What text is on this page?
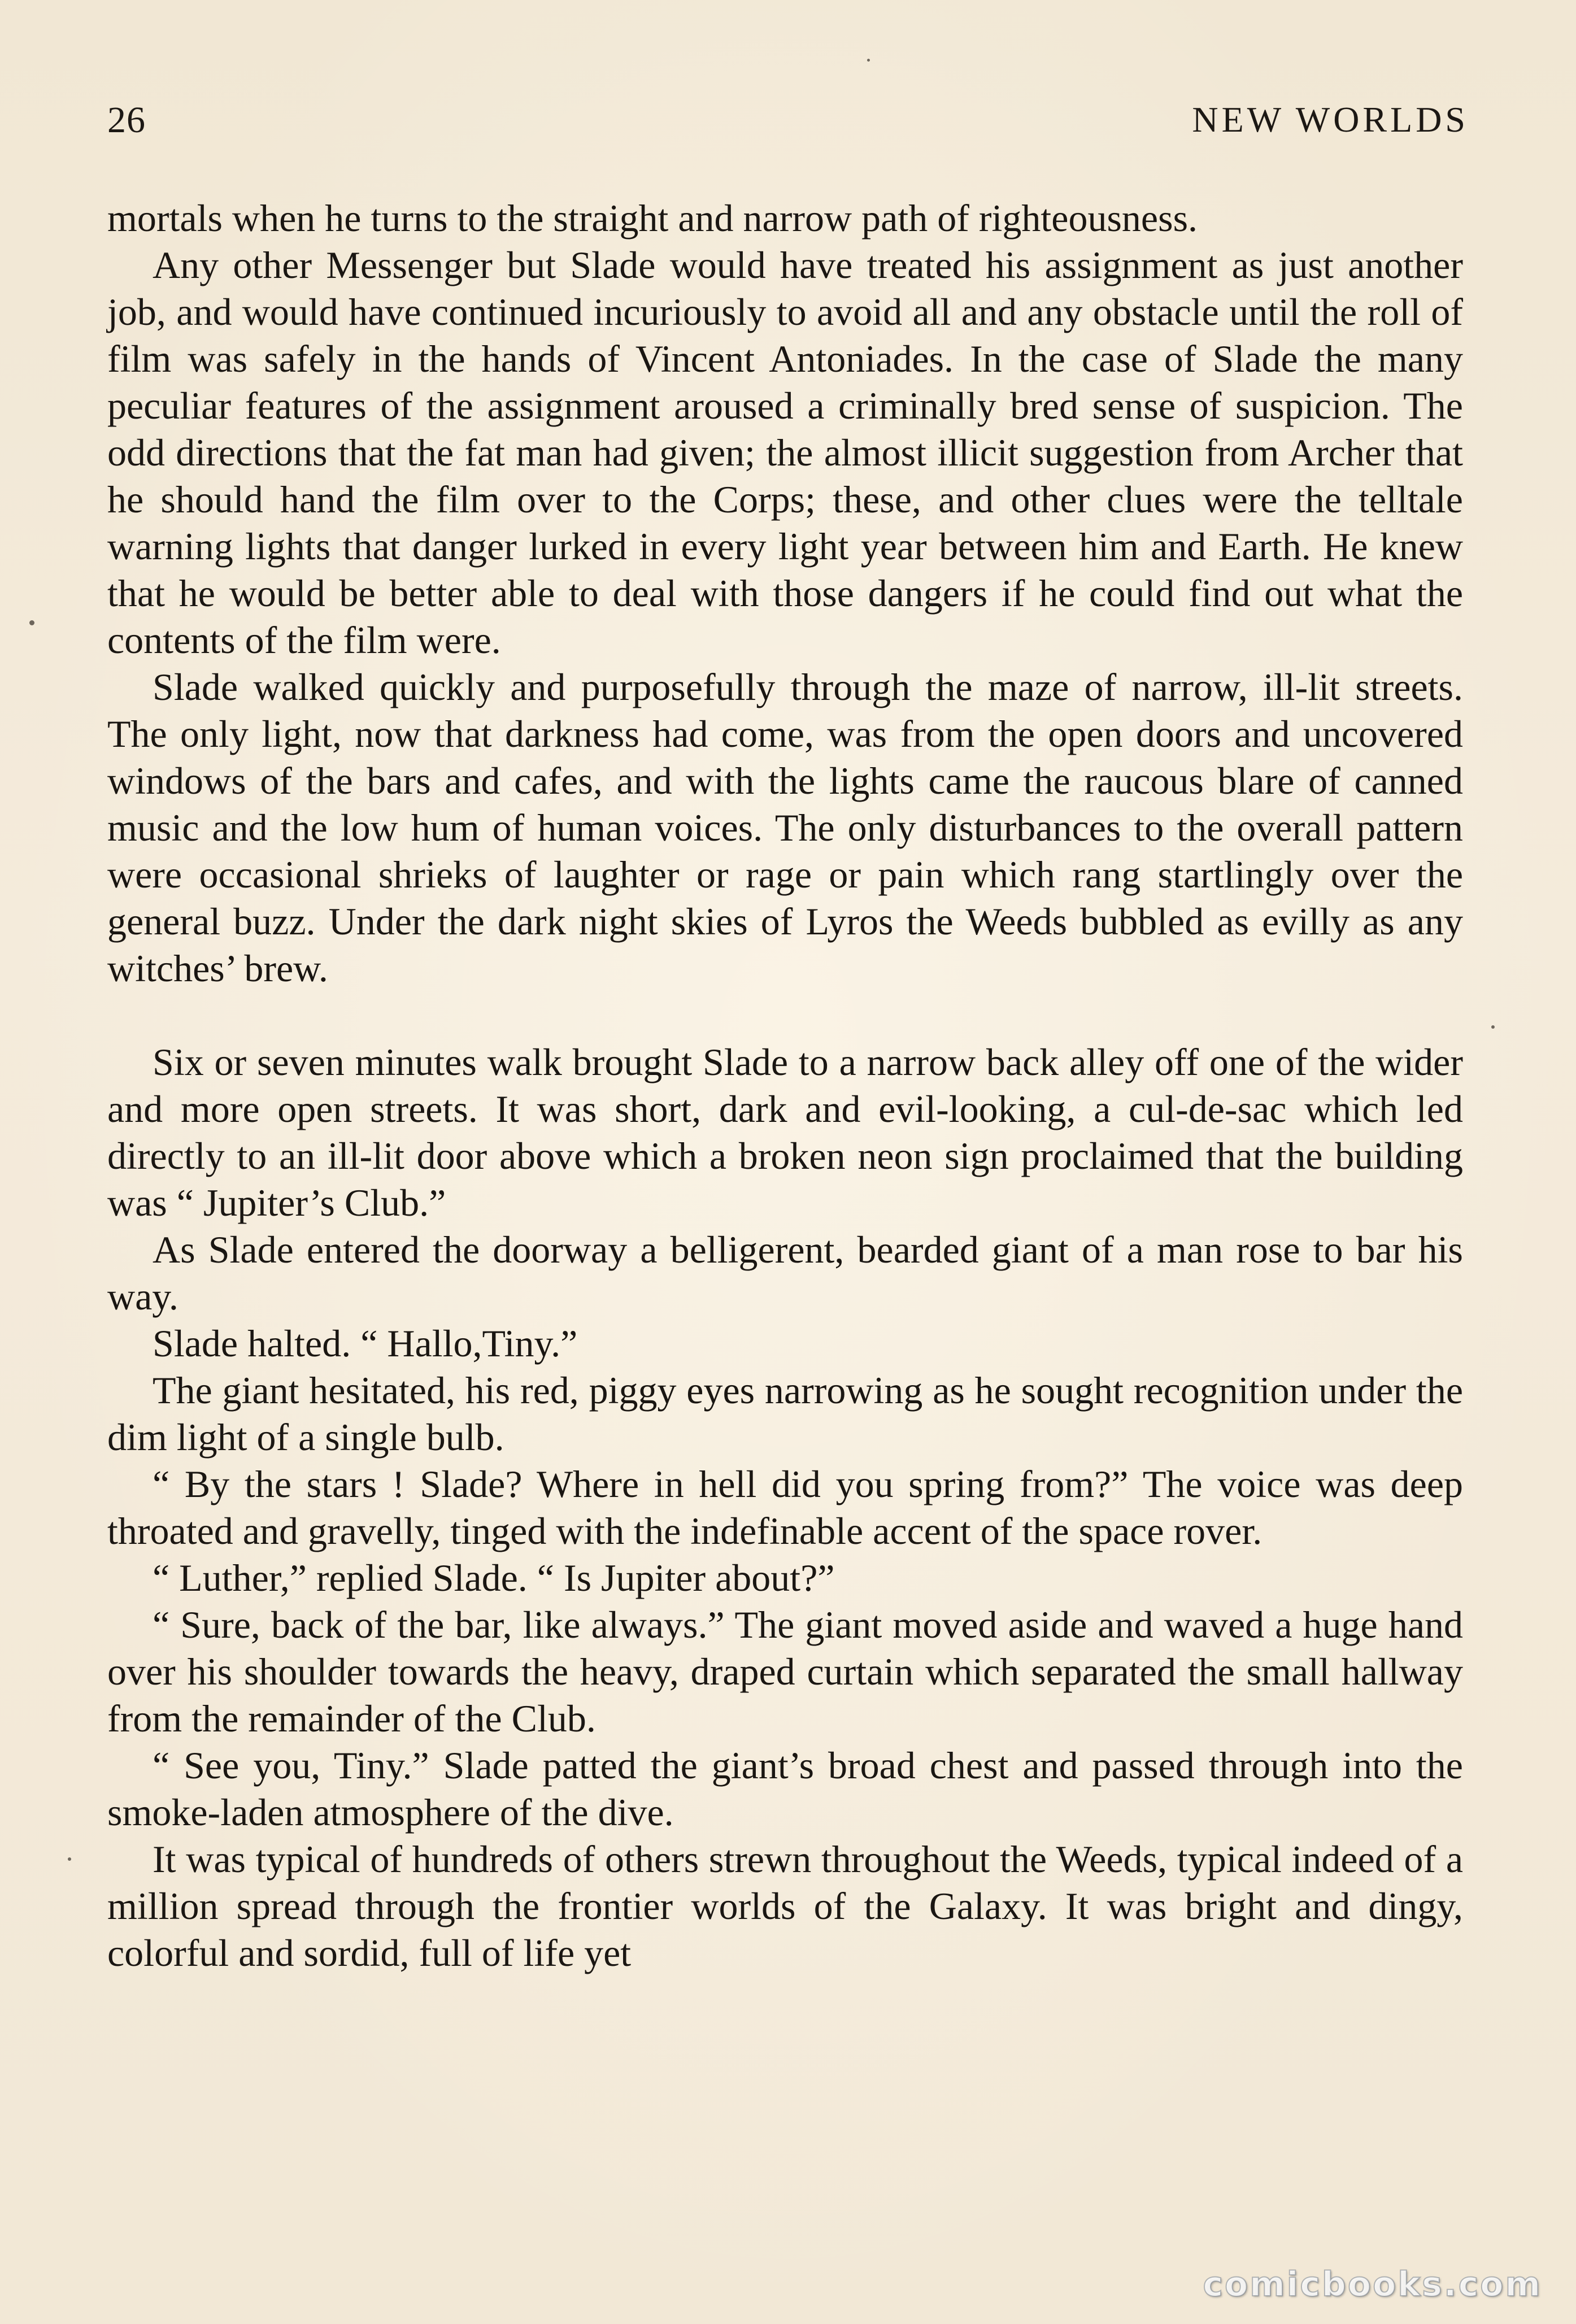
26	NEW WORLDS

mortals when he turns to the straight and narrow path of righteousness.

Any other Messenger but Slade would have treated his assignment as just another job, and would have continued incuriously to avoid all and any obstacle until the roll of film was safely in the hands of Vincent Antoniades. In the case of Slade the many peculiar features of the assignment aroused a criminally bred sense of suspicion. The odd directions that the fat man had given; the almost illicit suggestion from Archer that he should hand the film over to the Corps; these, and other clues were the telltale warning lights that danger lurked in every light year between him and Earth. He knew that he would be better able to deal with those dangers if he could find out what the contents of the film were.

Slade walked quickly and purposefully through the maze of narrow, ill-lit streets. The only light, now that darkness had come, was from the open doors and uncovered windows of the bars and cafes, and with the lights came the raucous blare of canned music and the low hum of human voices. The only disturbances to the overall pattern were occasional shrieks of laughter or rage or pain which rang startlingly over the general buzz. Under the dark night skies of Lyros the Weeds bubbled as evilly as any witches’ brew.

Six or seven minutes walk brought Slade to a narrow back alley off one of the wider and more open streets. It was short, dark and evil-looking, a cul-de-sac which led directly to an ill-lit door above which a broken neon sign proclaimed that the building was “ Jupiter’s Club.”

As Slade entered the doorway a belligerent, bearded giant of a man rose to bar his way.

Slade halted. “ Hallo,Tiny.”

The giant hesitated, his red, piggy eyes narrowing as he sought recognition under the dim light of a single bulb.

“ By the stars ! Slade? Where in hell did you spring from?” The voice was deep throated and gravelly, tinged with the indefinable accent of the space rover.

“ Luther,” replied Slade. “ Is Jupiter about?”

“ Sure, back of the bar, like always.” The giant moved aside and waved a huge hand over his shoulder towards the heavy, draped curtain which separated the small hallway from the remainder of the Club.

“ See you, Tiny.” Slade patted the giant’s broad chest and passed through into the smoke-laden atmosphere of the dive.

It was typical of hundreds of others strewn throughout the Weeds, typical indeed of a million spread through the frontier worlds of the Galaxy. It was bright and dingy, colorful and sordid, full of life yet

comicbooks.com
